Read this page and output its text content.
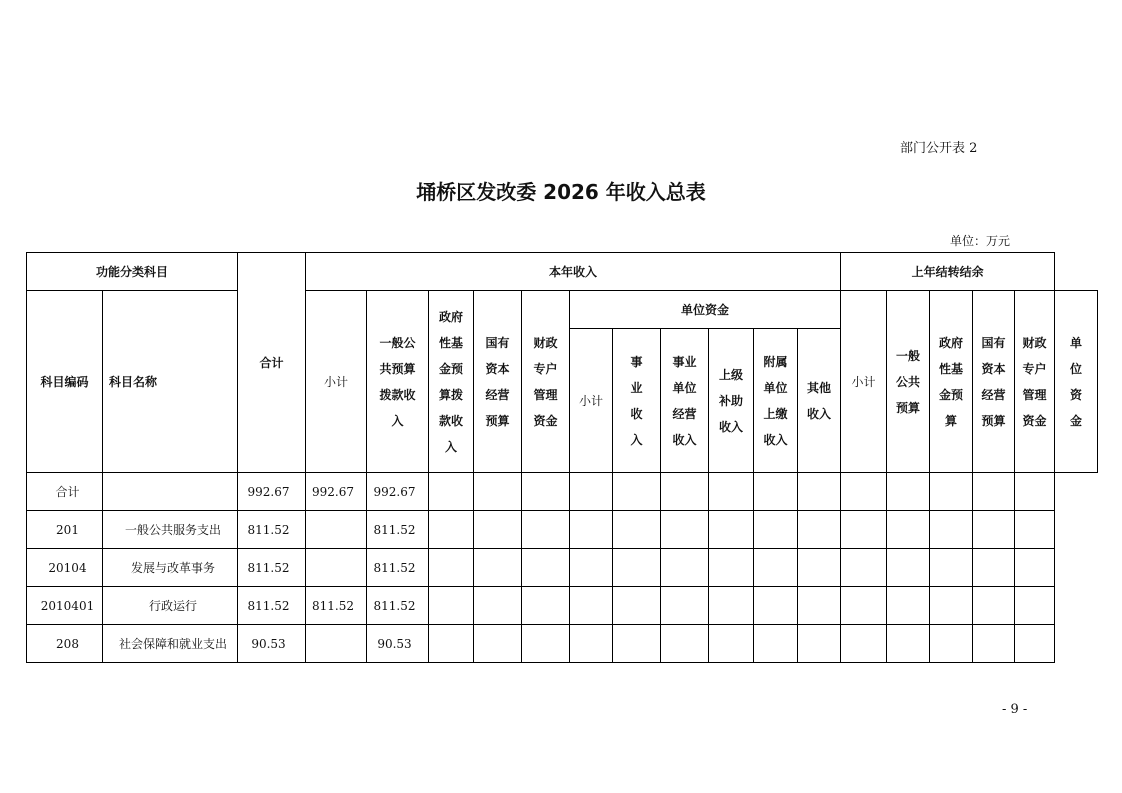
部门公开表 2
埇桥区发改委 2026 年收入总表
单位：万元
功能分类科目		合计	本年收入											上年结转结余					
科目编码	科目名称		小计	一般公共预算拨款收入	政府性基金预算拨款收入	国有资本经营预算	财政专户管理资金	单位资金						小计	一般公共预算	政府性基金预算	国有资本经营预算	财政专户管理资金	单位资金
								小计	事业收入	事业单位经营收入	上级补助收入	附属单位上缴收入	其他收入						
合计		992.67	992.67	992.67															
201	一般公共服务支出	811.52		811.52															
20104	发展与改革事务	811.52		811.52															
2010401	行政运行	811.52	811.52	811.52															
208	社会保障和就业支出	90.53		90.53															
- 9 -
